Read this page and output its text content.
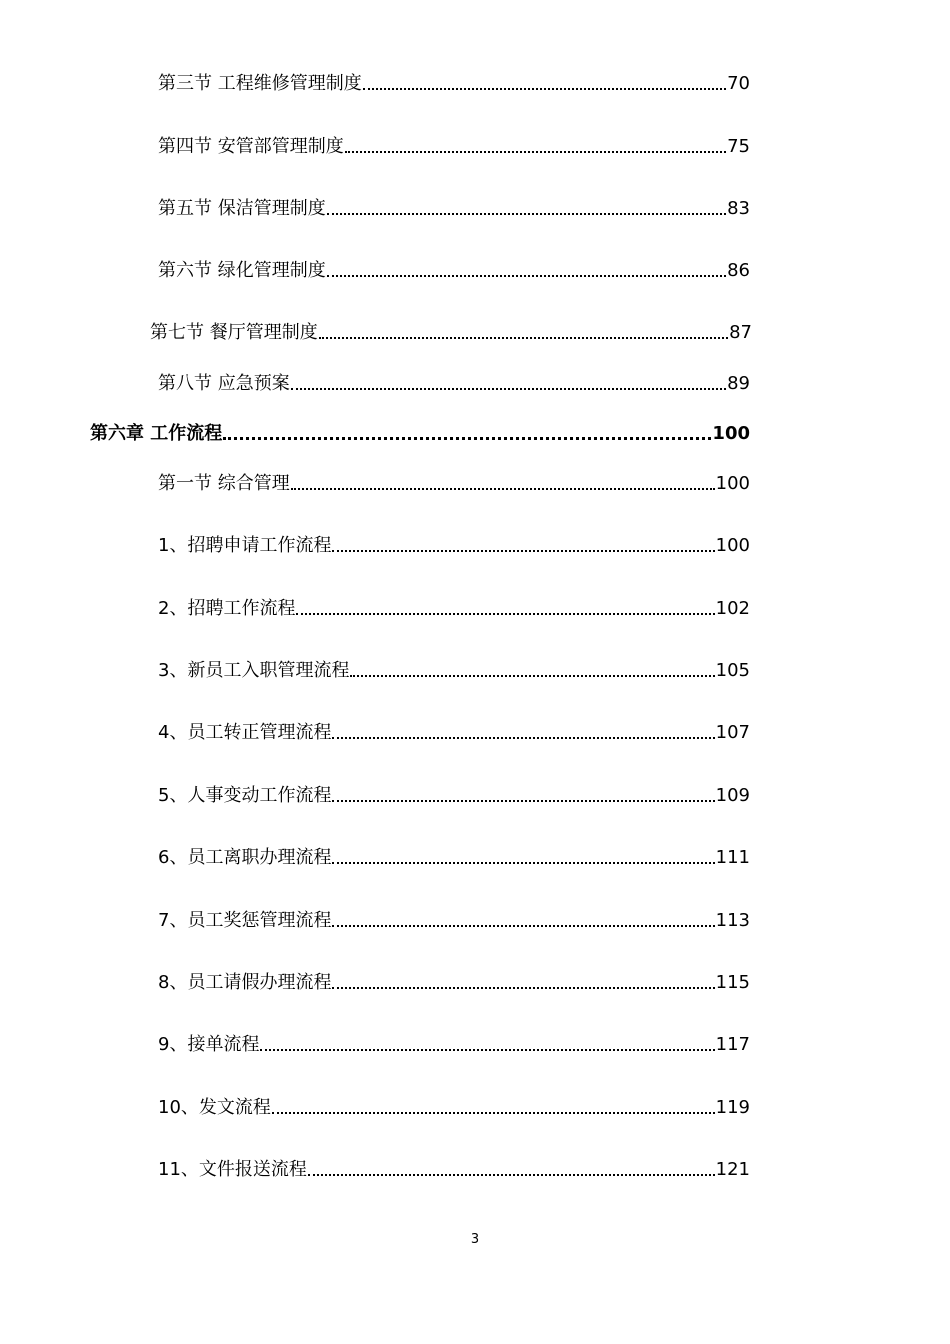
第三节 工程维修管理制度	70
第四节 安管部管理制度	75
第五节 保洁管理制度	83
第六节 绿化管理制度	86
第七节 餐厅管理制度	87
第八节 应急预案	89
第六章 工作流程	100
第一节 综合管理	100
1、招聘申请工作流程	100
2、招聘工作流程	102
3、新员工入职管理流程	105
4、员工转正管理流程	107
5、人事变动工作流程	109
6、员工离职办理流程	111
7、员工奖惩管理流程	113
8、员工请假办理流程	115
9、接单流程	117
10、发文流程	119
11、文件报送流程	121
3
